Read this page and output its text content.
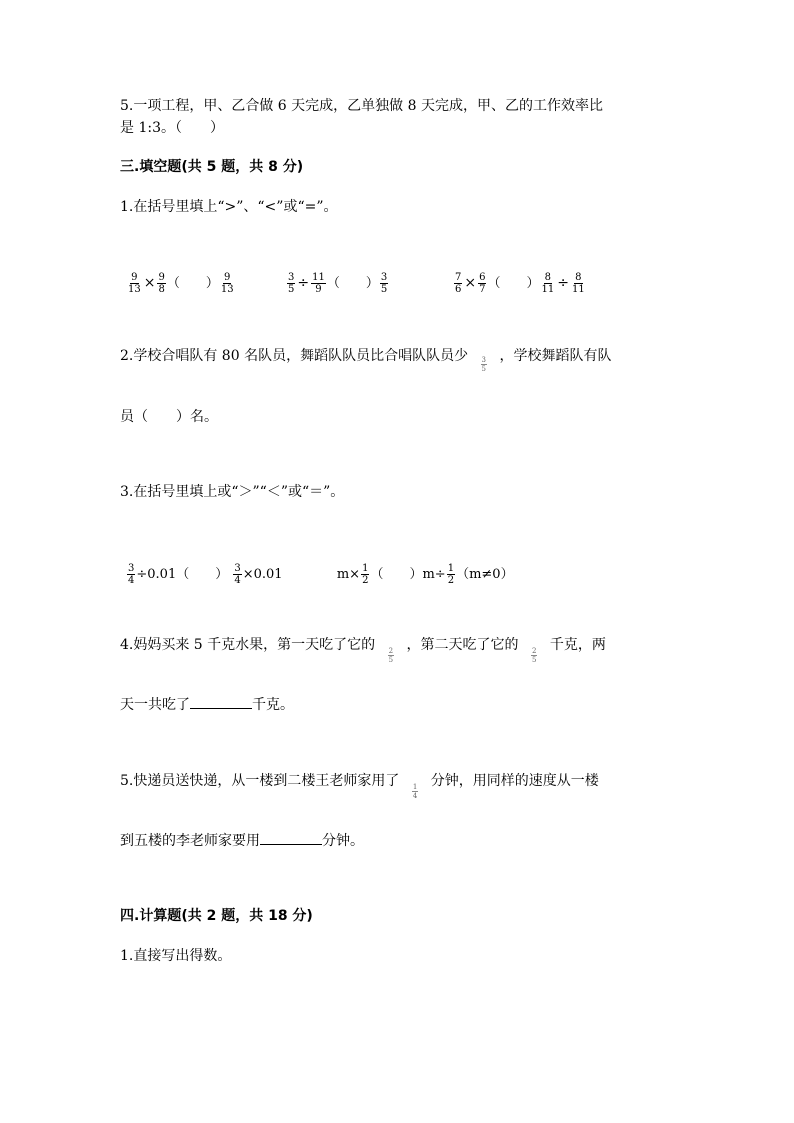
5.一项工程，甲、乙合做 6 天完成，乙单独做 8 天完成，甲、乙的工作效率比
是 1:3。（　　）
三.填空题(共 5 题，共 8 分)
1.在括号里填上“>”、“<”或“=”。
$\frac{9}{13} \times \frac{9}{8}$ （　　） $\frac{9}{13}$	$\frac{3}{5} \div \frac{11}{9}$ （　　） $\frac{3}{5}$	$\frac{7}{6} \times \frac{6}{7}$ （　　） $\frac{8}{11} \div \frac{8}{11}$
2.学校合唱队有 80 名队员，舞蹈队队员比合唱队队员少 $\frac{3}{5}$ ，学校舞蹈队有队
员（　　）名。
3.在括号里填上或“＞”“＜”或“＝”。
$\frac{3}{4} \div 0.01$（　　） $\frac{3}{4} \times 0.01$	$m\times \frac{1}{2}$ （　　）$m\div \frac{1}{2} (m\ne 0)$
4.妈妈买来 5 千克水果，第一天吃了它的
$\frac{2}{5}$
，第二天吃了它的
$\frac{2}{5}$
千克，两
天一共吃了	千克。
5.快递员送快递，从一楼到二楼王老师家用了
$\frac{1}{4}$
分钟，用同样的速度从一楼
到五楼的李老师家要用	分钟。
四.计算题(共 2 题，共 18 分)
1.直接写出得数。
